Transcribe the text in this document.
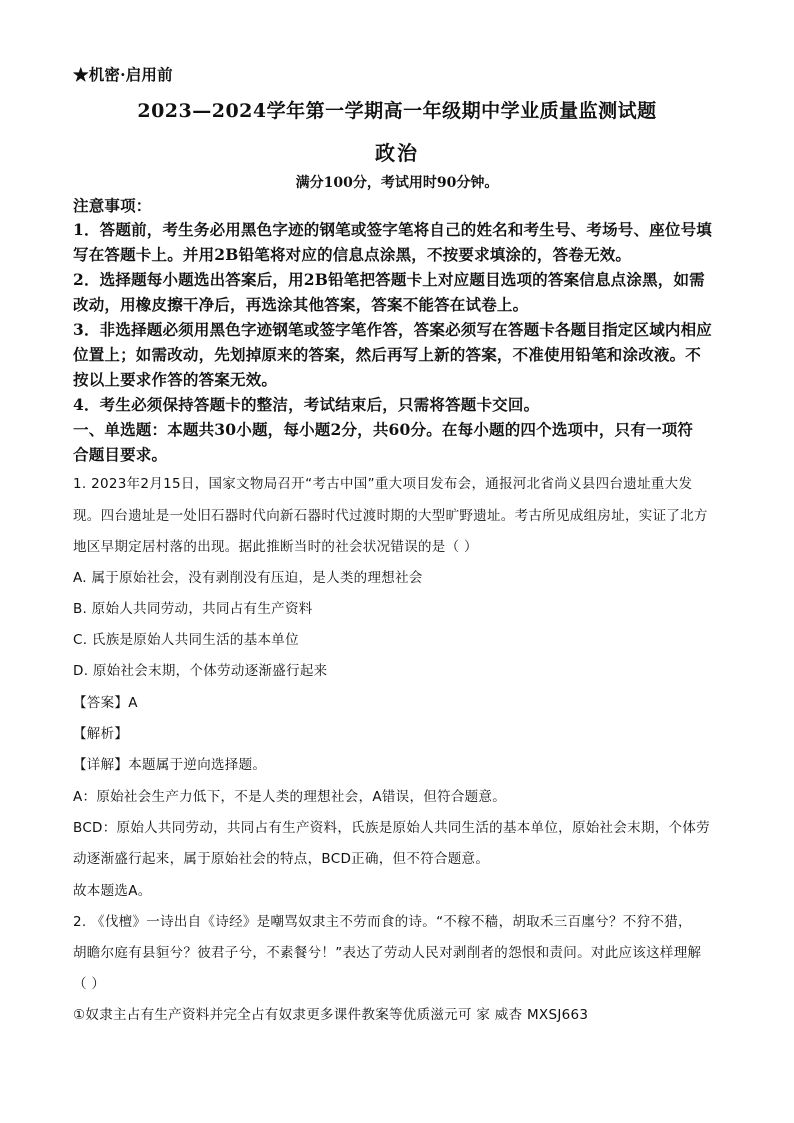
★机密·启用前
2023—2024学年第一学期高一年级期中学业质量监测试题
政治
满分100分，考试用时90分钟。
注意事项：
1．答题前，考生务必用黑色字迹的钢笔或签字笔将自己的姓名和考生号、考场号、座位号填
写在答题卡上。并用2B铅笔将对应的信息点涂黑，不按要求填涂的，答卷无效。
2．选择题每小题选出答案后，用2B铅笔把答题卡上对应题目选项的答案信息点涂黑，如需
改动，用橡皮擦干净后，再选涂其他答案，答案不能答在试卷上。
3．非选择题必须用黑色字迹钢笔或签字笔作答，答案必须写在答题卡各题目指定区域内相应
位置上；如需改动，先划掉原来的答案，然后再写上新的答案，不准使用铅笔和涂改液。不
按以上要求作答的答案无效。
4．考生必须保持答题卡的整洁，考试结束后，只需将答题卡交回。
一、单选题：本题共30小题，每小题2分，共60分。在每小题的四个选项中，只有一项符
合题目要求。
1. 2023年2月15日，国家文物局召开“考古中国”重大项目发布会，通报河北省尚义县四台遗址重大发
现。四台遗址是一处旧石器时代向新石器时代过渡时期的大型旷野遗址。考古所见成组房址，实证了北方
地区早期定居村落的出现。据此推断当时的社会状况错误的是（ ）
A. 属于原始社会，没有剥削没有压迫，是人类的理想社会
B. 原始人共同劳动，共同占有生产资料
C. 氏族是原始人共同生活的基本单位
D. 原始社会末期，个体劳动逐渐盛行起来
【答案】A
【解析】
【详解】本题属于逆向选择题。
A：原始社会生产力低下，不是人类的理想社会，A错误，但符合题意。
BCD：原始人共同劳动，共同占有生产资料，氏族是原始人共同生活的基本单位，原始社会末期，个体劳
动逐渐盛行起来，属于原始社会的特点，BCD正确，但不符合题意。
故本题选A。
2. 《伐檀》一诗出自《诗经》是嘲骂奴隶主不劳而食的诗。“不稼不穑，胡取禾三百廛兮？不狩不猎，
胡瞻尔庭有县貆兮？彼君子兮，不素餐兮！”表达了劳动人民对剥削者的怨恨和责问。对此应该这样理解
（ ）
①奴隶主占有生产资料并完全占有奴隶更多课件教案等优质滋元可 家 威杏 MXSJ663
